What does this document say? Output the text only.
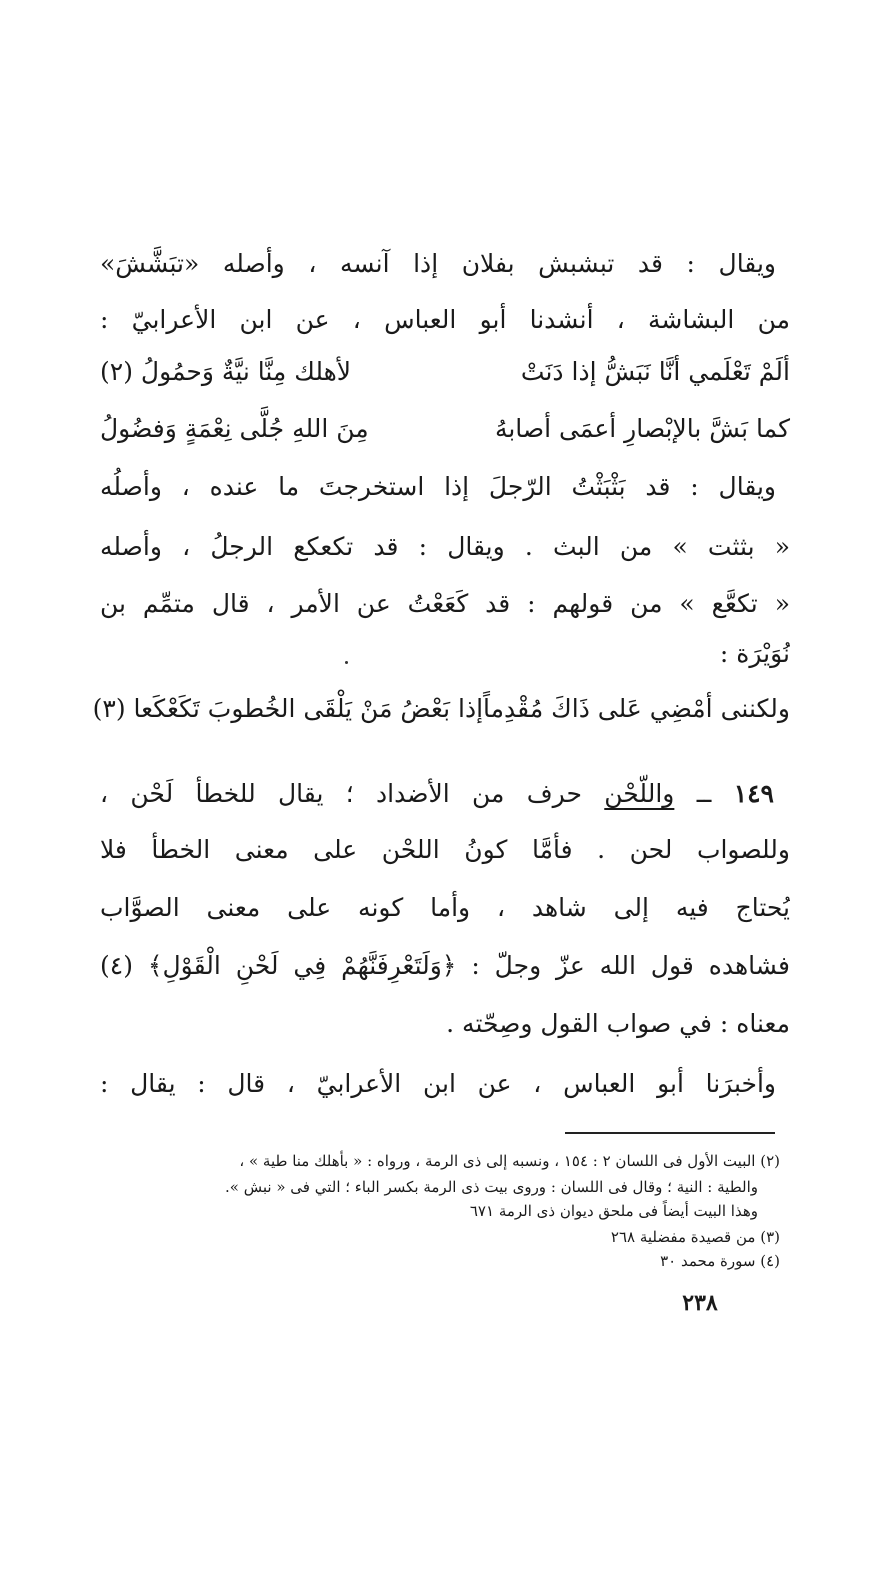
ويقال : قد تبشبش بفلان إذا آنسه ، وأصله «تبَشَّشَ»
من البشاشة ، أنشدنا أبو العباس ، عن ابن الأعرابيّ :
ألَمْ تَعْلَمي أنَّا نَبَشُّ إذا دَنَتْ
لأهلك مِنَّا نيَّةٌ وَحمُولُ (٢)
كما بَشَّ بالإبْصارِ أعمَى أصابهُ
مِنَ اللهِ جُلَّى نِعْمَةٍ وَفضُولُ
ويقال : قد بَثْبَثْتُ الرّجلَ إذا استخرجتَ ما عنده ، وأصلُه
« بثثت » من البث . ويقال : قد تكعكع الرجلُ ، وأصله
« تكعَّع » من قولهم : قد كَعَعْتُ عن الأمر ، قال متمِّم بن
نُوَيْرَة :
ولكننى أمْضِي عَلى ذَاكَ مُقْدِماً
إذا بَعْضُ مَنْ يَلْقَى الخُطوبَ تَكَعْكَعا (٣)
١٤٩ ــ واللّحْن حرف من الأضداد ؛ يقال للخطأ لَحْن ،
وللصواب لحن . فأمَّا كونُ اللحْن على معنى الخطأ فلا
يُحتاج فيه إلى شاهد ، وأما كونه على معنى الصوَّاب
فشاهده قول الله عزّ وجلّ : ﴿وَلَتَعْرِفَنَّهُمْ فِي لَحْنِ الْقَوْلِ﴾ (٤)
معناه : في صواب القول وصِحّته .
وأخبرَنا أبو العباس ، عن ابن الأعرابيّ ، قال : يقال :
(٢) البيت الأول فى اللسان ٢ : ١٥٤ ، ونسبه إلى ذى الرمة ، ورواه : « بأهلك منا طية » ،
والطية : النية ؛ وقال فى اللسان : وروى بيت ذى الرمة بكسر الباء ؛ التي فى « نبش ».
وهذا البيت أيضاً فى ملحق ديوان ذى الرمة ٦٧١
(٣) من قصيدة مفضلية ٢٦٨
(٤) سورة محمد ٣٠
٢٣٨
